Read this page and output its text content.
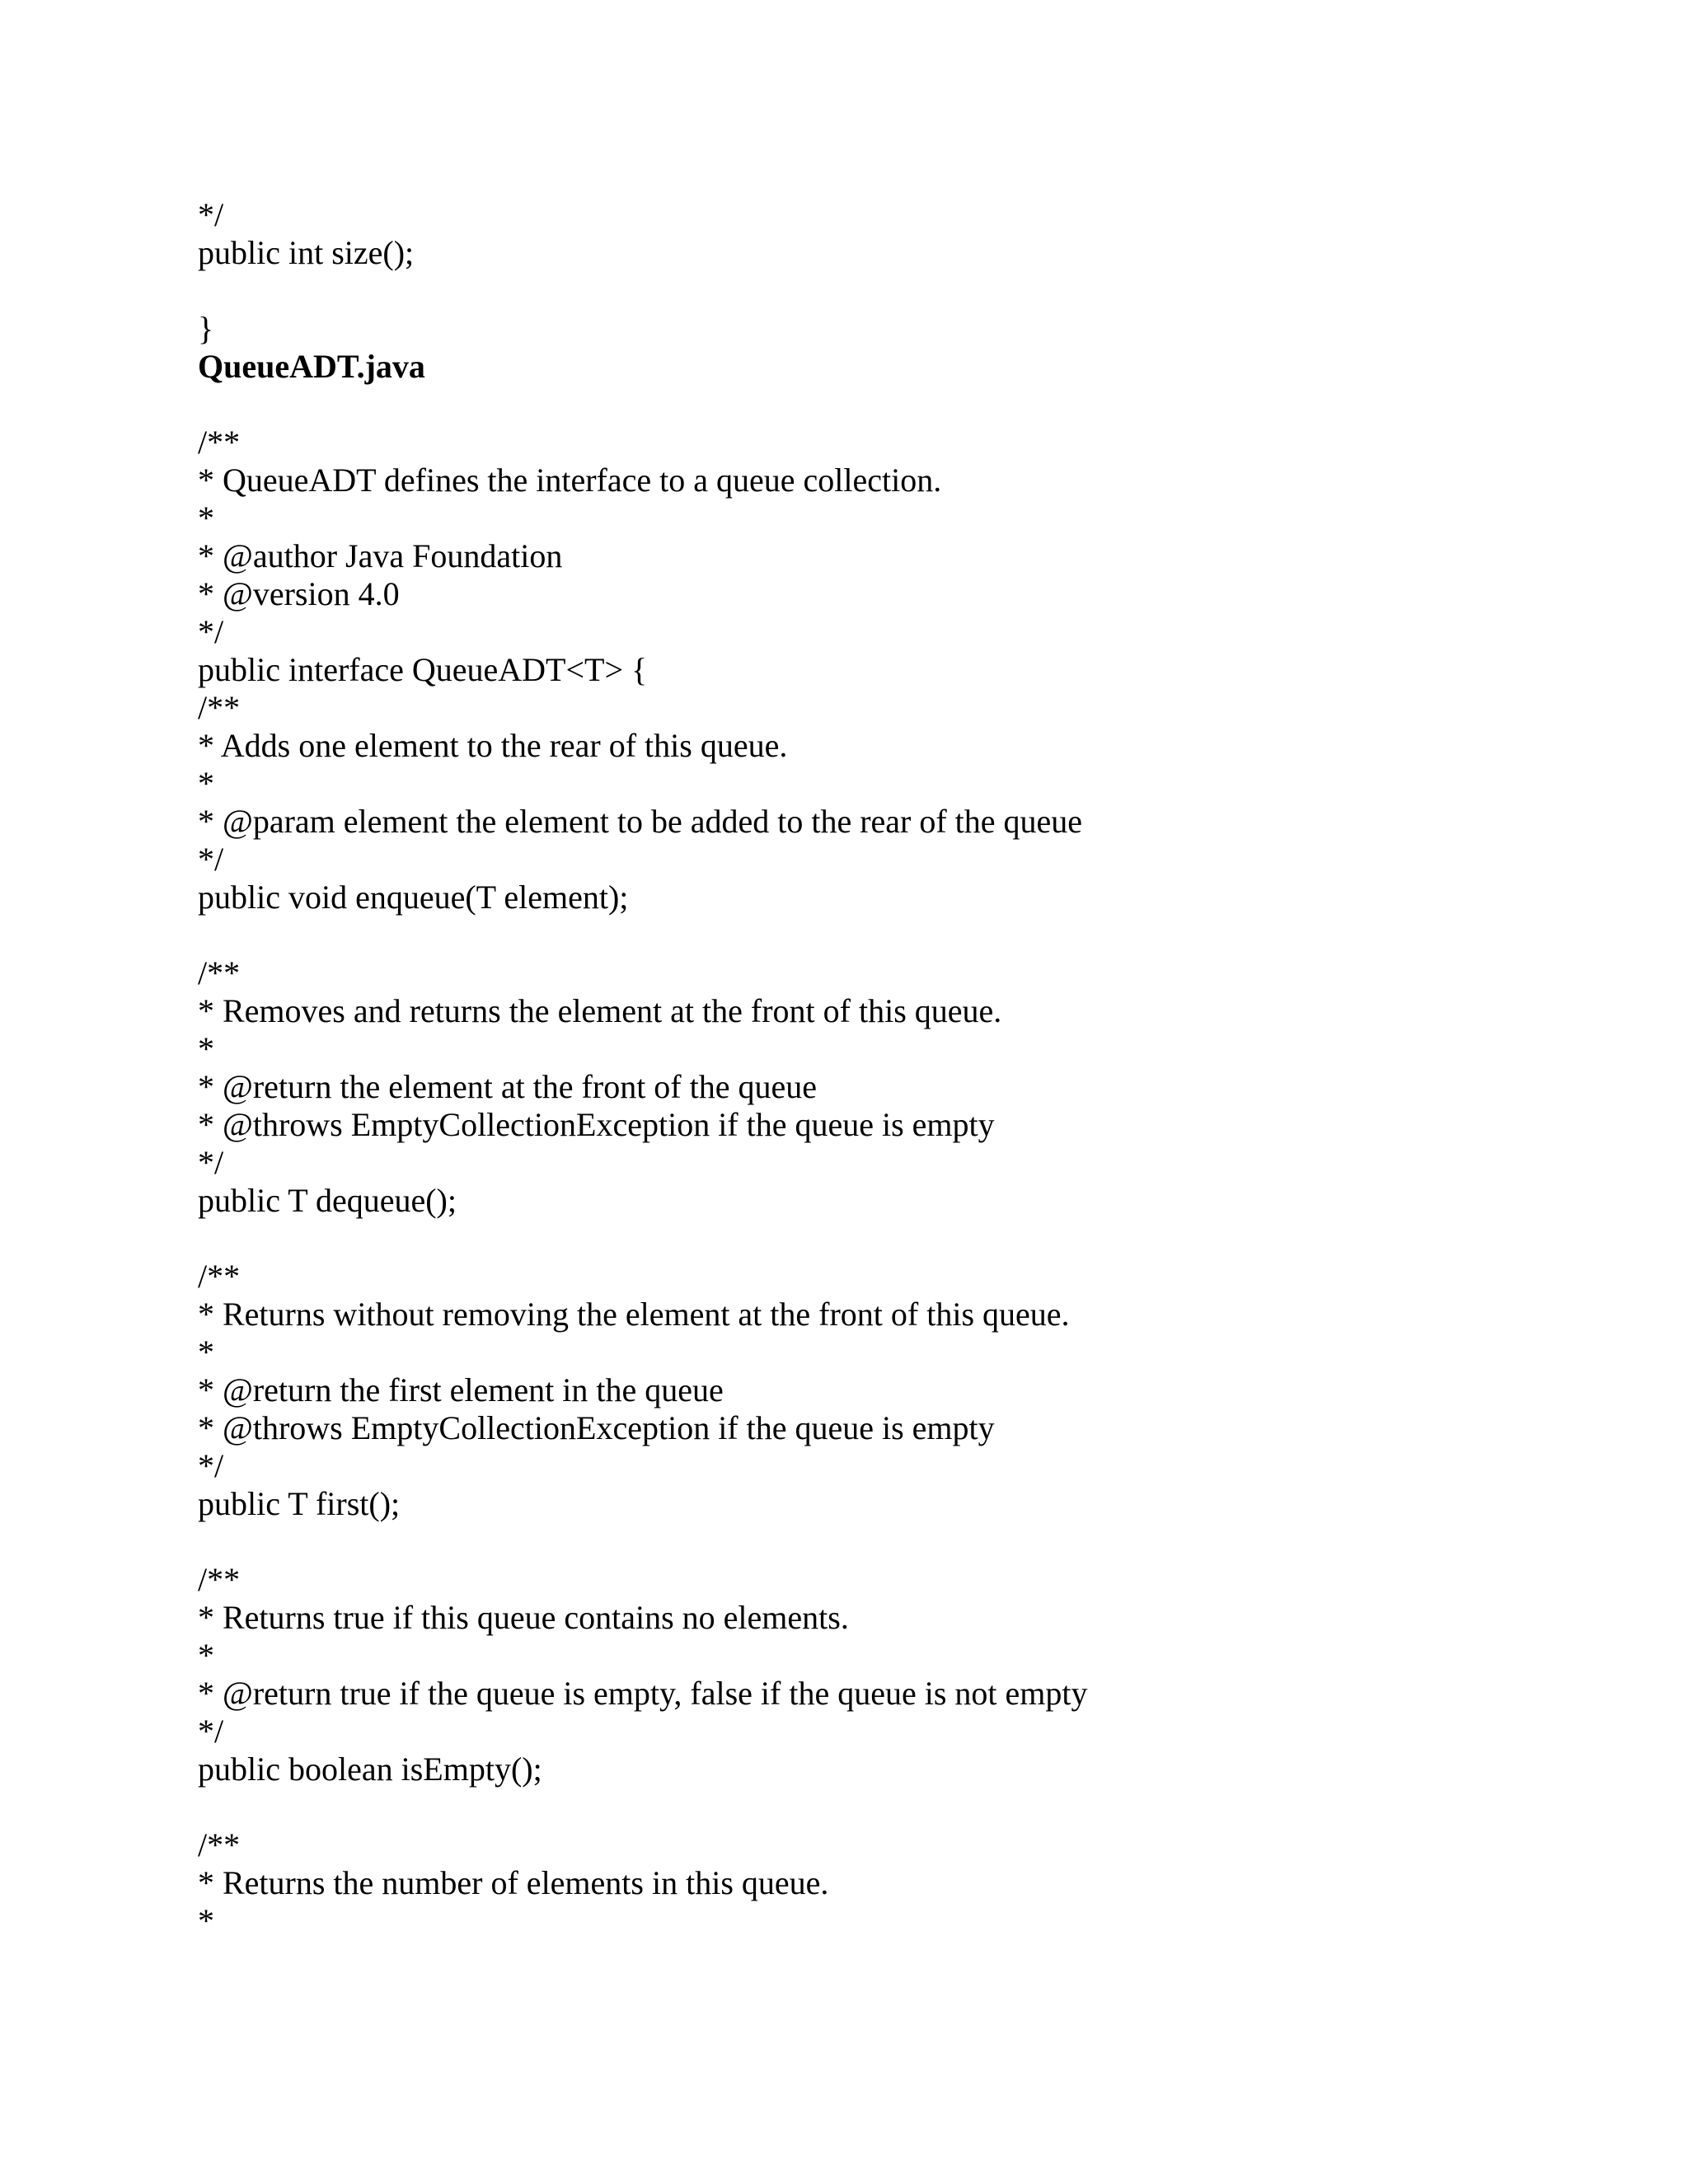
*/
public int size();
}
QueueADT.java
/**
* QueueADT defines the interface to a queue collection.
*
* @author Java Foundation
* @version 4.0
*/
public interface QueueADT<T> {
/**
* Adds one element to the rear of this queue.
*
* @param element the element to be added to the rear of the queue
*/
public void enqueue(T element);
/**
* Removes and returns the element at the front of this queue.
*
* @return the element at the front of the queue
* @throws EmptyCollectionException if the queue is empty
*/
public T dequeue();
/**
* Returns without removing the element at the front of this queue.
*
* @return the first element in the queue
* @throws EmptyCollectionException if the queue is empty
*/
public T first();
/**
* Returns true if this queue contains no elements.
*
* @return true if the queue is empty, false if the queue is not empty
*/
public boolean isEmpty();
/**
* Returns the number of elements in this queue.
*
